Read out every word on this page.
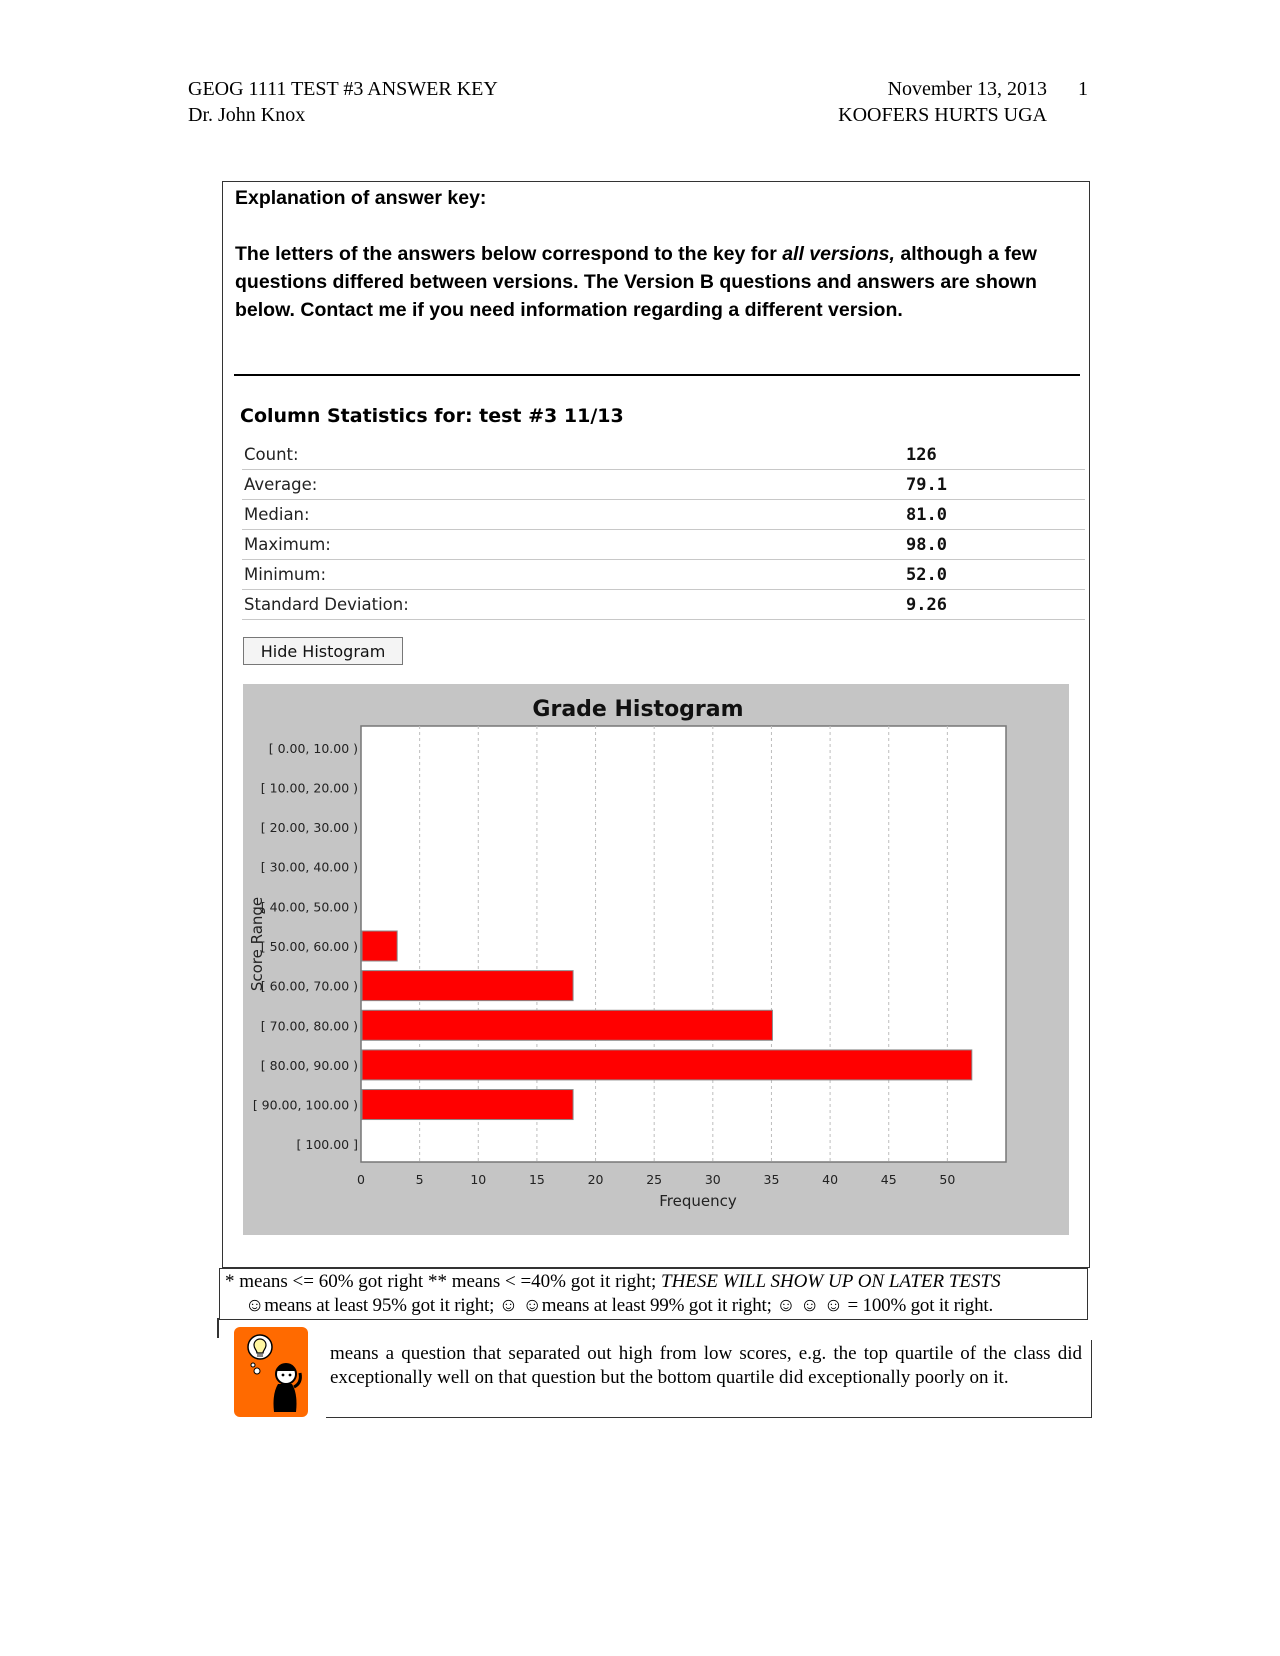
GEOG 1111 TEST #3 ANSWER KEY
Dr. John Knox
November 13, 2013
KOOFERS HURTS UGA
1

Explanation of answer key:

The letters of the answers below correspond to the key for all versions, although a few questions differed between versions. The Version B questions and answers are shown below. Contact me if you need information regarding a different version.

Column Statistics for: test #3 11/13
Count:	126
Average:	79.1
Median:	81.0
Maximum:	98.0
Minimum:	52.0
Standard Deviation:	9.26
Hide Histogram
Grade Histogram
0	5	10	15	20	25	30	35	40	45	50
[ 0.00, 10.00 )
[ 10.00, 20.00 )
[ 20.00, 30.00 )
[ 30.00, 40.00 )
[ 40.00, 50.00 )
[ 50.00, 60.00 )
[ 60.00, 70.00 )
[ 70.00, 80.00 )
[ 80.00, 90.00 )
[ 90.00, 100.00 )
[ 100.00 ]
Frequency
Score Range
* means <= 60% got right ** means < =40% got it right; THESE WILL SHOW UP ON LATER TESTS
☺means at least 95% got it right; ☺ ☺means at least 99% got it right; ☺ ☺ ☺ = 100% got it right.
means a question that separated out high from low scores, e.g. the top quartile of the class did exceptionally well on that question but the bottom quartile did exceptionally poorly on it.
